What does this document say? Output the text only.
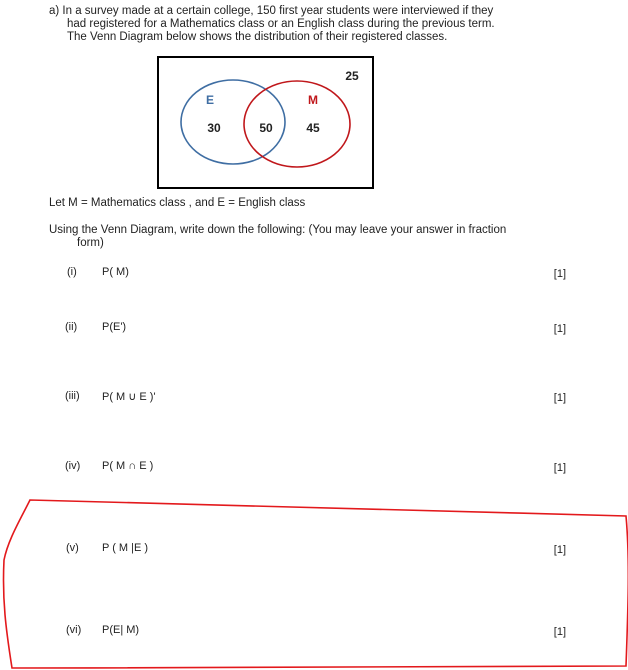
a) In a survey made at a certain college, 150 first year students were interviewed if they
had registered for a Mathematics class or an English class during the previous term.
The Venn Diagram below shows the distribution of their registered classes.
25
E	M
30	50	45
Let M = Mathematics class , and E = English class
Using the Venn Diagram, write down the following: (You may leave your answer in fraction
form)
(i) P( M)	[1]
(ii) P(E')	[1]
(iii) P( M ∪ E )'	[1]
(iv) P( M ∩ E )	[1]
(v) P ( M |E )	[1]
(vi) P(E| M)	[1]
